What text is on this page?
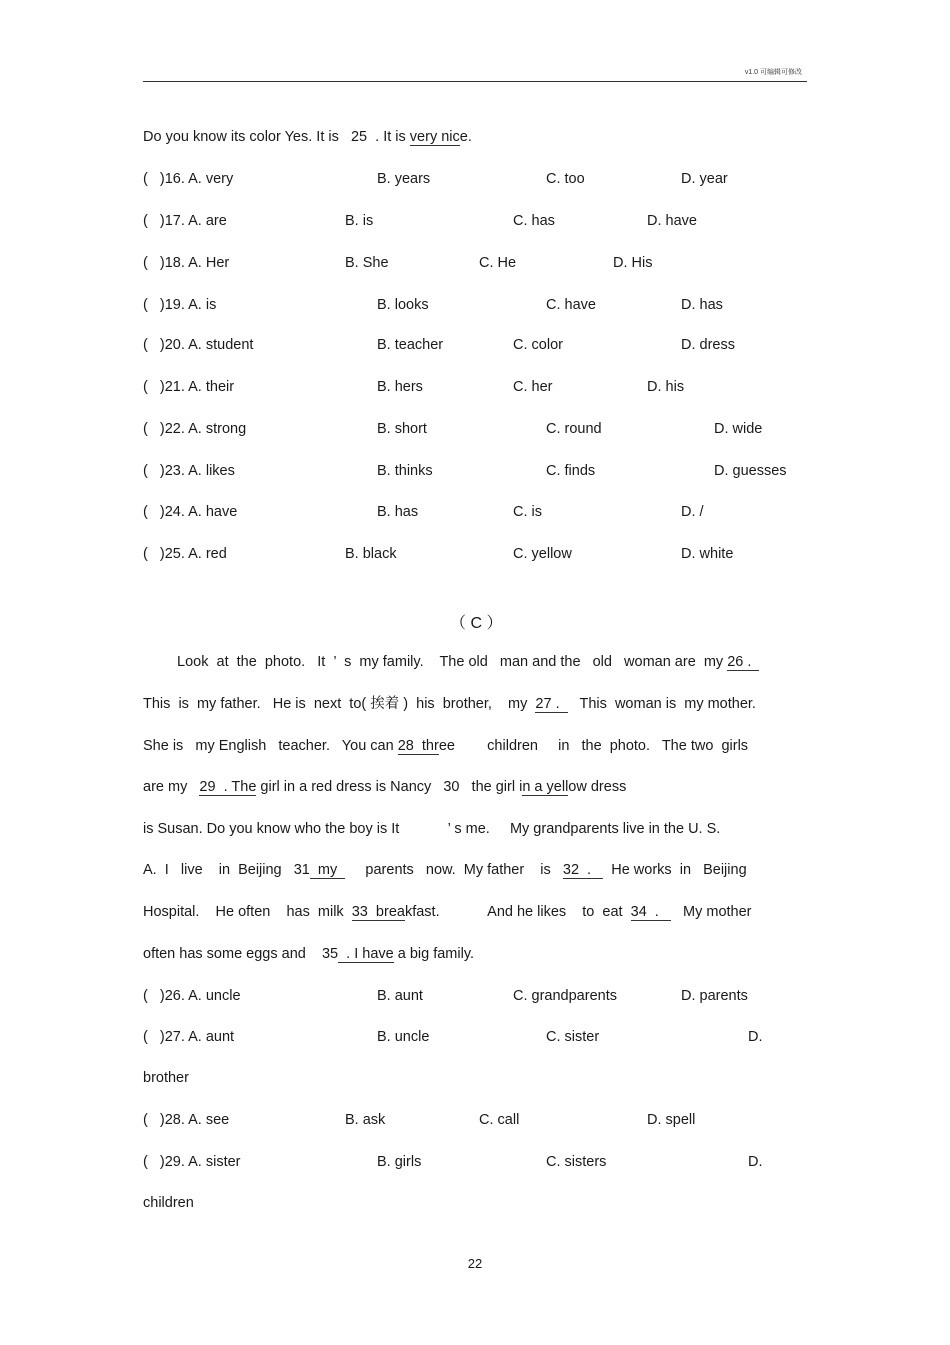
v1.0 可编辑可修改
Do you know its color Yes. It is 25 . It is very nice.
(   )16. A. very	B. years	C. too	D. year
(   )17. A. are	B. is	C. has	D. have
(   )18. A. Her	B. She	C. He	D. His
(   )19. A. is	B. looks	C. have	D. has
(   )20. A. student	B. teacher	C. color	D. dress
(   )21. A. their	B. hers	C. her	D. his
(   )22. A. strong	B. short	C. round	D. wide
(   )23. A. likes	B. thinks	C. finds	D. guesses
(   )24. A. have	B. has	C. is	D. /
(   )25. A. red	B. black	C. yellow	D. white
（ C ）
Look  at  the  photo.   It  ’  s  my family.    The old   man and the   old   woman are  my 26 .
This  is  my father.   He is  next  to( 挨着 )  his  brother,    my 27 .     This  woman is  my mother.
She is   my English   teacher.   You can 28  three        children     in   the  photo.   The two  girls
are my 29  . The girl in a red dress is Nancy   30   the girl in a yellow dress
is Susan. Do you know who the boy is It            ’ s me.     My grandparents live in the U. S.
A.  I   live    in  Beijing   31  my       parents   now.  My father    is 32  .     He works  in   Beijing
Hospital.    He often    has  milk 33  breakfast.            And he likes    to  eat 34  .      My mother
often has some eggs and    35  . I have a big family.
(   )26. A. uncle	B. aunt	C. grandparents	D. parents
(   )27. A. aunt	B. uncle	C. sister	D.
brother
(   )28. A. see	B. ask	C. call	D. spell
(   )29. A. sister	B. girls	C. sisters	D.
children
22
